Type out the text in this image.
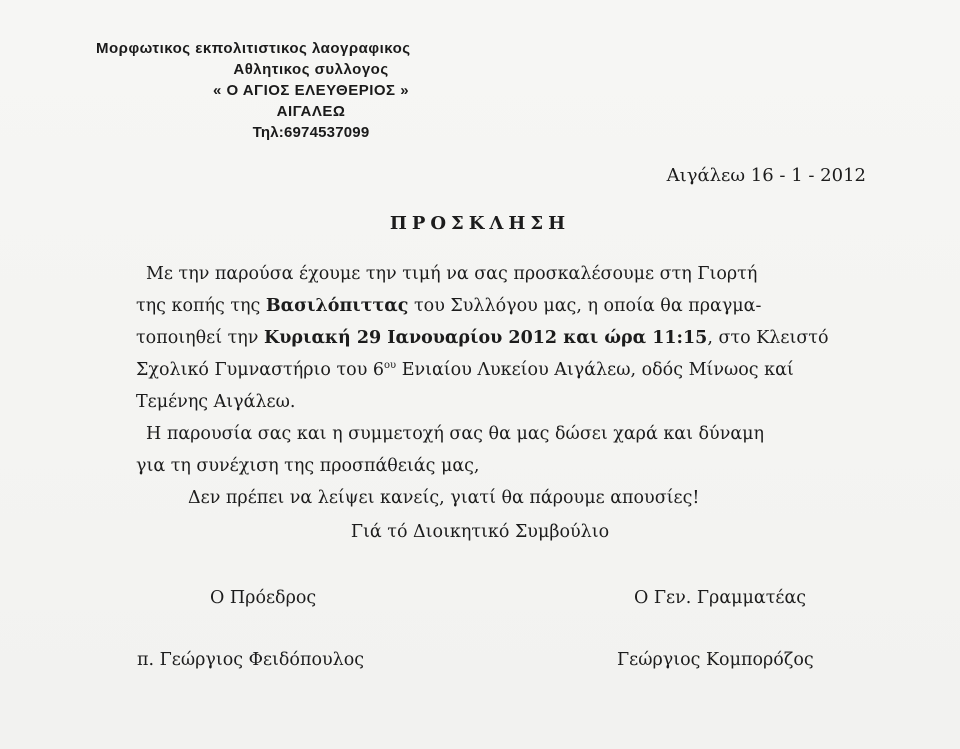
Μορφωτικος εκπολιτιστικος λαογραφικος
Αθλητικος συλλογος
« Ο ΑΓΙΟΣ ΕΛΕΥΘΕΡΙΟΣ »
ΑΙΓΑΛΕΩ
Τηλ:6974537099
Αιγάλεω 16 - 1 - 2012
ΠΡΟΣΚΛΗΣΗ
Με την παρούσα έχουμε την τιμή να σας προσκαλέσουμε στη Γιορτή
της κοπής της Βασιλόπιττας του Συλλόγου μας, η οποία θα πραγμα-
τοποιηθεί την Κυριακή 29 Ιανουαρίου 2012 και ώρα 11:15, στο Κλειστό
Σχολικό Γυμναστήριο του $6^{o\upsilon}$ Ενιαίου Λυκείου Αιγάλεω, οδός Μίνωος καί
Τεμένης Αιγάλεω.
Η παρουσία σας και η συμμετοχή σας θα μας δώσει χαρά και δύναμη
για τη συνέχιση της προσπάθειάς μας,
Δεν πρέπει να λείψει κανείς, γιατί θα πάρουμε απουσίες!
Γιά τό Διοικητικό Συμβούλιο
Ο Πρόεδρος	Ο Γεν. Γραμματέας
π. Γεώργιος Φειδόπουλος	Γεώργιος Κομπορόζος
